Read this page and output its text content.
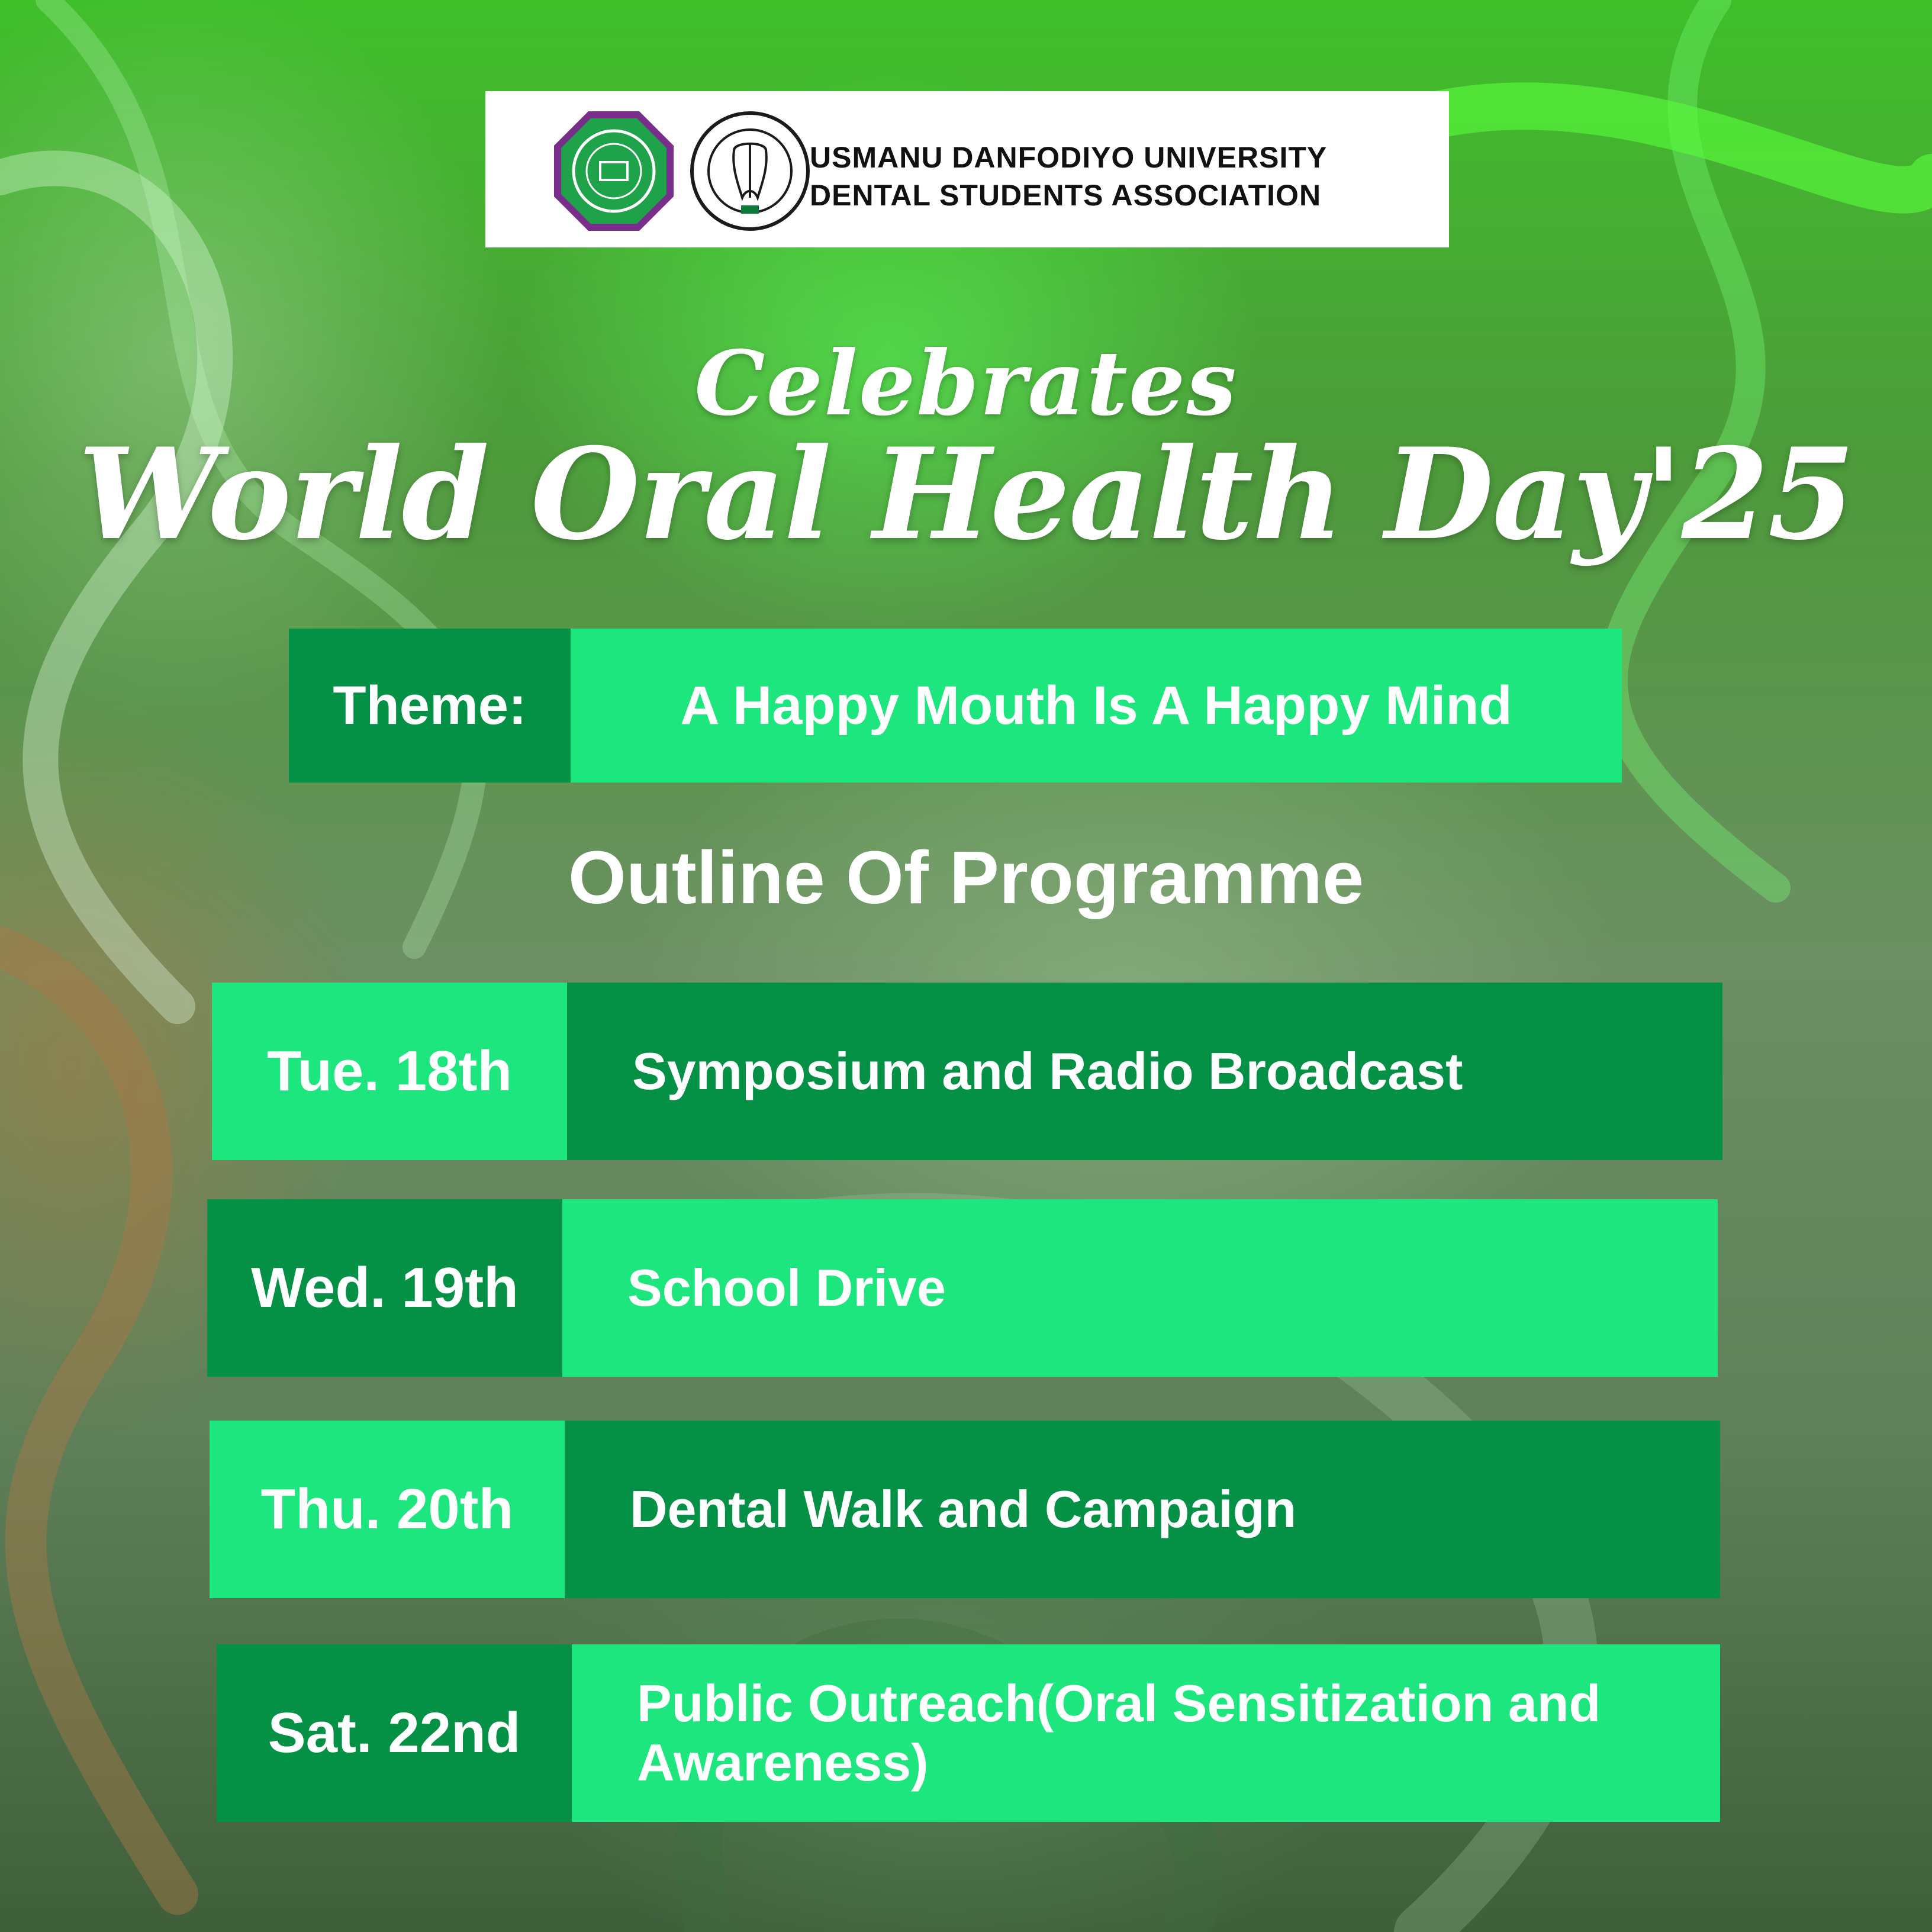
USMANU DANFODIYO UNIVERSITY
DENTAL STUDENTS ASSOCIATION
Celebrates
World Oral Health Day'25
Theme:	A Happy Mouth Is A Happy Mind
Outline Of Programme
Tue. 18th	Symposium and Radio Broadcast
Wed. 19th	School Drive
Thu. 20th	Dental Walk and Campaign
Sat. 22nd	Public Outreach(Oral Sensitization and Awareness)
